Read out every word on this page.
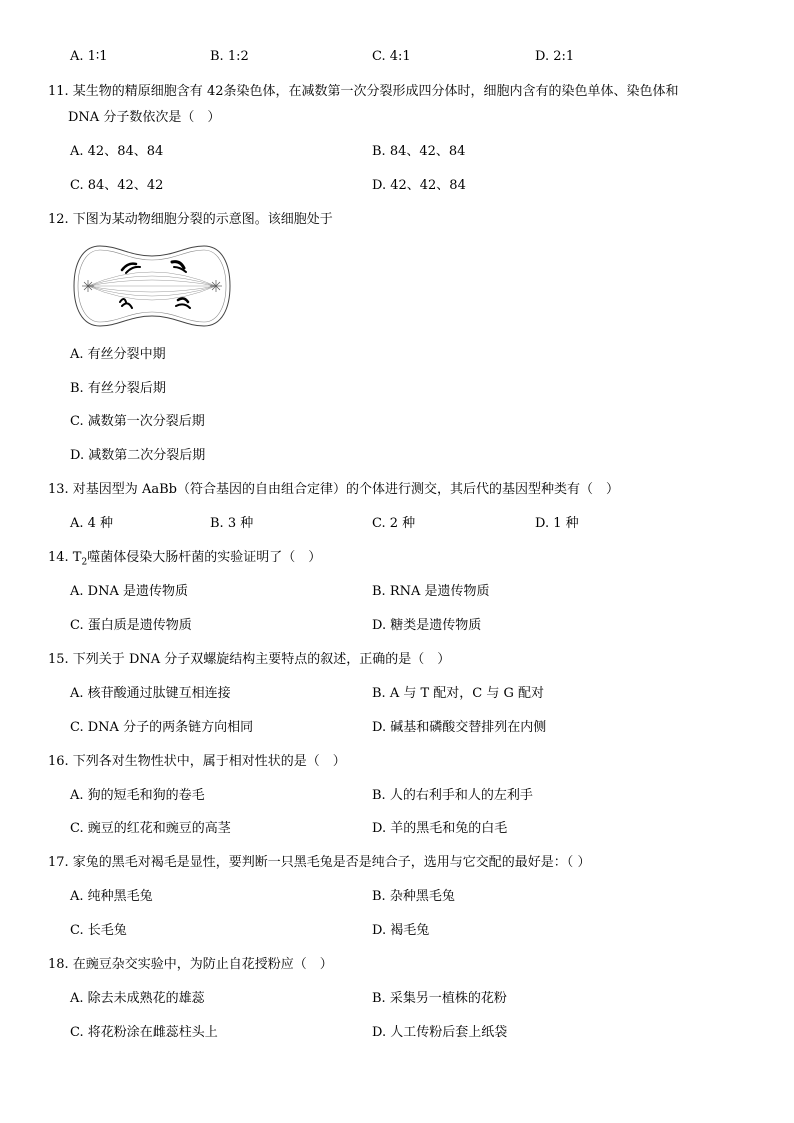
A. 1∶1	B. 1:2	C. 4:1	D. 2:1
11. 某生物的精原细胞含有 42条染色体，在减数第一次分裂形成四分体时，细胞内含有的染色单体、染色体和
DNA 分子数依次是（　）
A. 42、84、84	B. 84、42、84
C. 84、42、42	D. 42、42、84
12. 下图为某动物细胞分裂的示意图。该细胞处于
A. 有丝分裂中期
B. 有丝分裂后期
C. 减数第一次分裂后期
D. 减数第二次分裂后期
13. 对基因型为 AaBb（符合基因的自由组合定律）的个体进行测交，其后代的基因型种类有（　）
A. 4 种	B. 3 种	C. 2 种	D. 1 种
14. $T_2$噬菌体侵染大肠杆菌的实验证明了（　）
A. DNA 是遗传物质	B. RNA 是遗传物质
C. 蛋白质是遗传物质	D. 糖类是遗传物质
15. 下列关于 DNA 分子双螺旋结构主要特点的叙述，正确的是（　）
A. 核苷酸通过肽键互相连接	B. A 与 T 配对，C 与 G 配对
C. DNA 分子的两条链方向相同	D. 碱基和磷酸交替排列在内侧
16. 下列各对生物性状中，属于相对性状的是（　）
A. 狗的短毛和狗的卷毛	B. 人的右利手和人的左利手
C. 豌豆的红花和豌豆的高茎	D. 羊的黑毛和兔的白毛
17. 家兔的黑毛对褐毛是显性，要判断一只黑毛兔是否是纯合子，选用与它交配的最好是：（ ）
A. 纯种黑毛兔	B. 杂种黑毛兔
C. 长毛兔	D. 褐毛兔
18. 在豌豆杂交实验中，为防止自花授粉应（　）
A. 除去未成熟花的雄蕊	B. 采集另一植株的花粉
C. 将花粉涂在雌蕊柱头上	D. 人工传粉后套上纸袋
